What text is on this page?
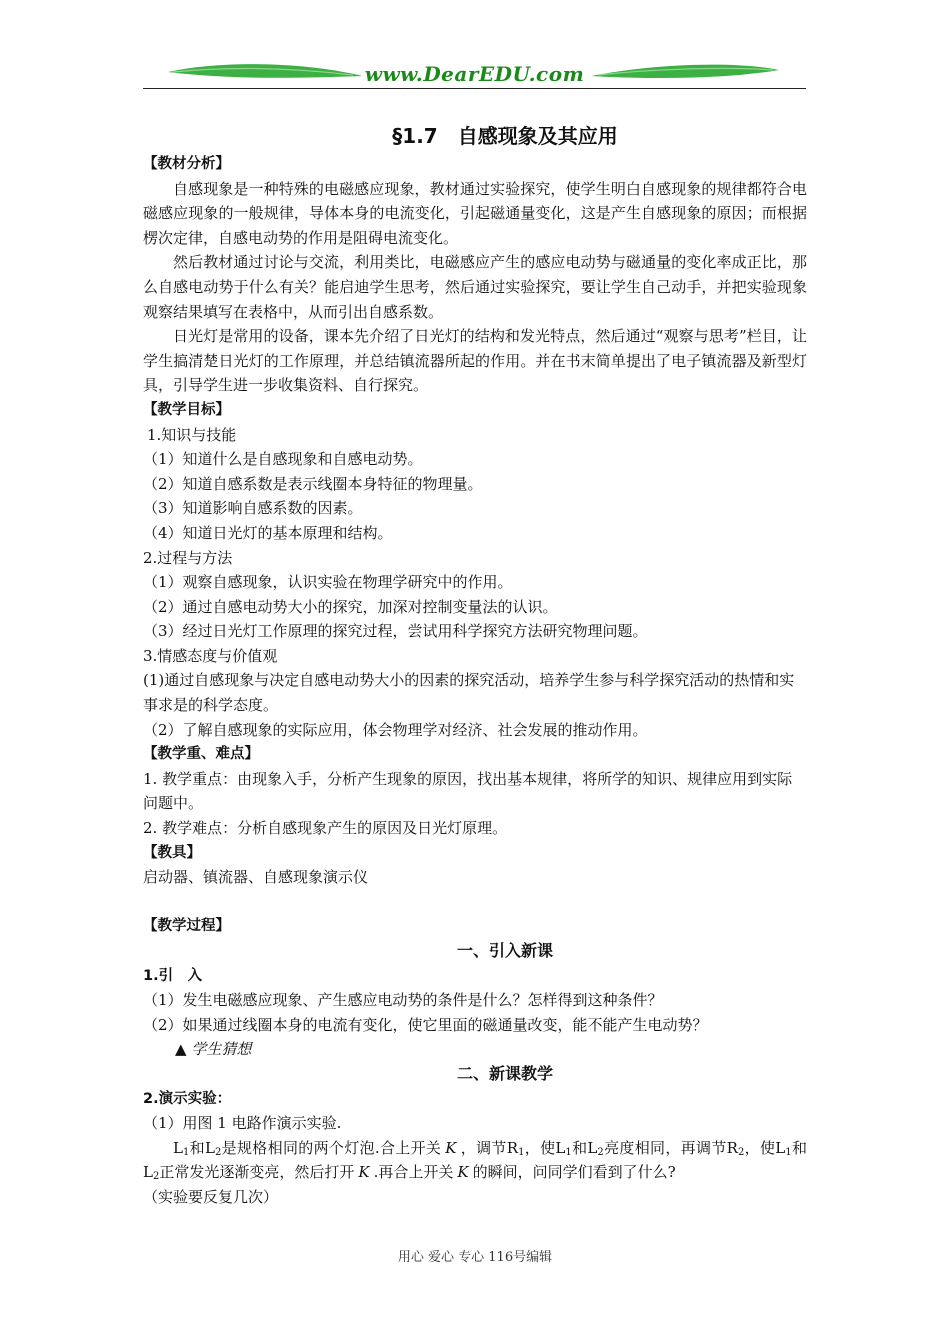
www.DearEDU.com
§1.7　自感现象及其应用
【教材分析】
自感现象是一种特殊的电磁感应现象，教材通过实验探究，使学生明白自感现象的规律都符合电磁感应现象的一般规律，导体本身的电流变化，引起磁通量变化，这是产生自感现象的原因；而根据楞次定律，自感电动势的作用是阻碍电流变化。
然后教材通过讨论与交流，利用类比，电磁感应产生的感应电动势与磁通量的变化率成正比，那么自感电动势于什么有关？能启迪学生思考，然后通过实验探究，要让学生自己动手，并把实验现象观察结果填写在表格中，从而引出自感系数。
日光灯是常用的设备，课本先介绍了日光灯的结构和发光特点，然后通过“观察与思考”栏目，让学生搞清楚日光灯的工作原理，并总结镇流器所起的作用。并在书末简单提出了电子镇流器及新型灯具，引导学生进一步收集资料、自行探究。
【教学目标】
1.知识与技能
（1）知道什么是自感现象和自感电动势。
（2）知道自感系数是表示线圈本身特征的物理量。
（3）知道影响自感系数的因素。
（4）知道日光灯的基本原理和结构。
2.过程与方法
（1）观察自感现象，认识实验在物理学研究中的作用。
（2）通过自感电动势大小的探究，加深对控制变量法的认识。
（3）经过日光灯工作原理的探究过程，尝试用科学探究方法研究物理问题。
3.情感态度与价值观
(1)通过自感现象与决定自感电动势大小的因素的探究活动，培养学生参与科学探究活动的热情和实事求是的科学态度。
（2）了解自感现象的实际应用，体会物理学对经济、社会发展的推动作用。
【教学重、难点】
1. 教学重点：由现象入手，分析产生现象的原因，找出基本规律，将所学的知识、规律应用到实际问题中。
2. 教学难点：分析自感现象产生的原因及日光灯原理。
【教具】
启动器、镇流器、自感现象演示仪
【教学过程】
一、引入新课
1.引　入
（1）发生电磁感应现象、产生感应电动势的条件是什么？怎样得到这种条件？
（2）如果通过线圈本身的电流有变化，使它里面的磁通量改变，能不能产生电动势？
▲ 学生猜想
二、新课教学
2.演示实验：
（1）用图 1 电路作演示实验.
$L_1$和$L_2$是规格相同的两个灯泡.合上开关 K ，调节$R_1$，使$L_1$和$L_2$亮度相同，再调节$R_2$，使$L_1$和$L_2$正常发光逐渐变亮，然后打开 K .再合上开关 K 的瞬间，问同学们看到了什么?
（实验要反复几次）
用心 爱心 专心 116号编辑
